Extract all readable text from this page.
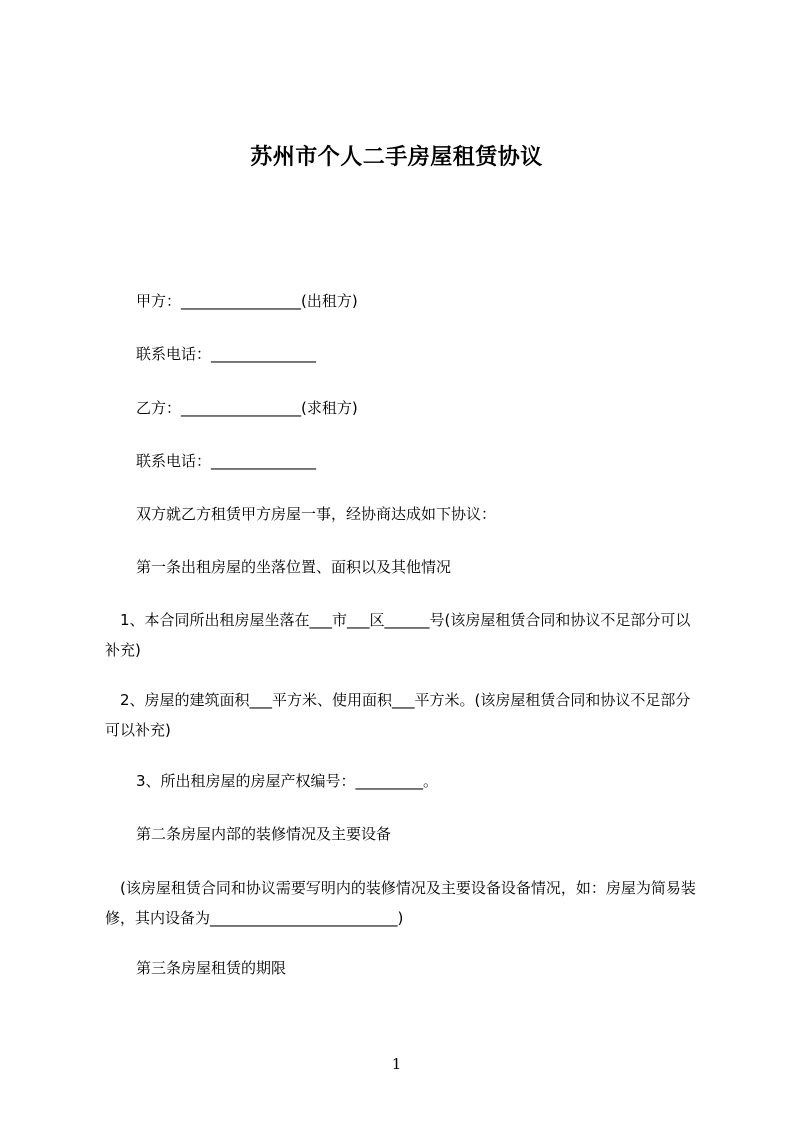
苏州市个人二手房屋租赁协议
甲方：________________(出租方)
联系电话：______________
乙方：________________(求租方)
联系电话：______________
双方就乙方租赁甲方房屋一事，经协商达成如下协议：
第一条出租房屋的坐落位置、面积以及其他情况
　1、本合同所出租房屋坐落在___市___区______号(该房屋租赁合同和协议不足部分可以补充)
　2、房屋的建筑面积___平方米、使用面积___平方米。(该房屋租赁合同和协议不足部分可以补充)
3、所出租房屋的房屋产权编号：_________。
第二条房屋内部的装修情况及主要设备
　(该房屋租赁合同和协议需要写明内的装修情况及主要设备设备情况，如：房屋为简易装修，其内设备为_________________________)
第三条房屋租赁的期限
1
